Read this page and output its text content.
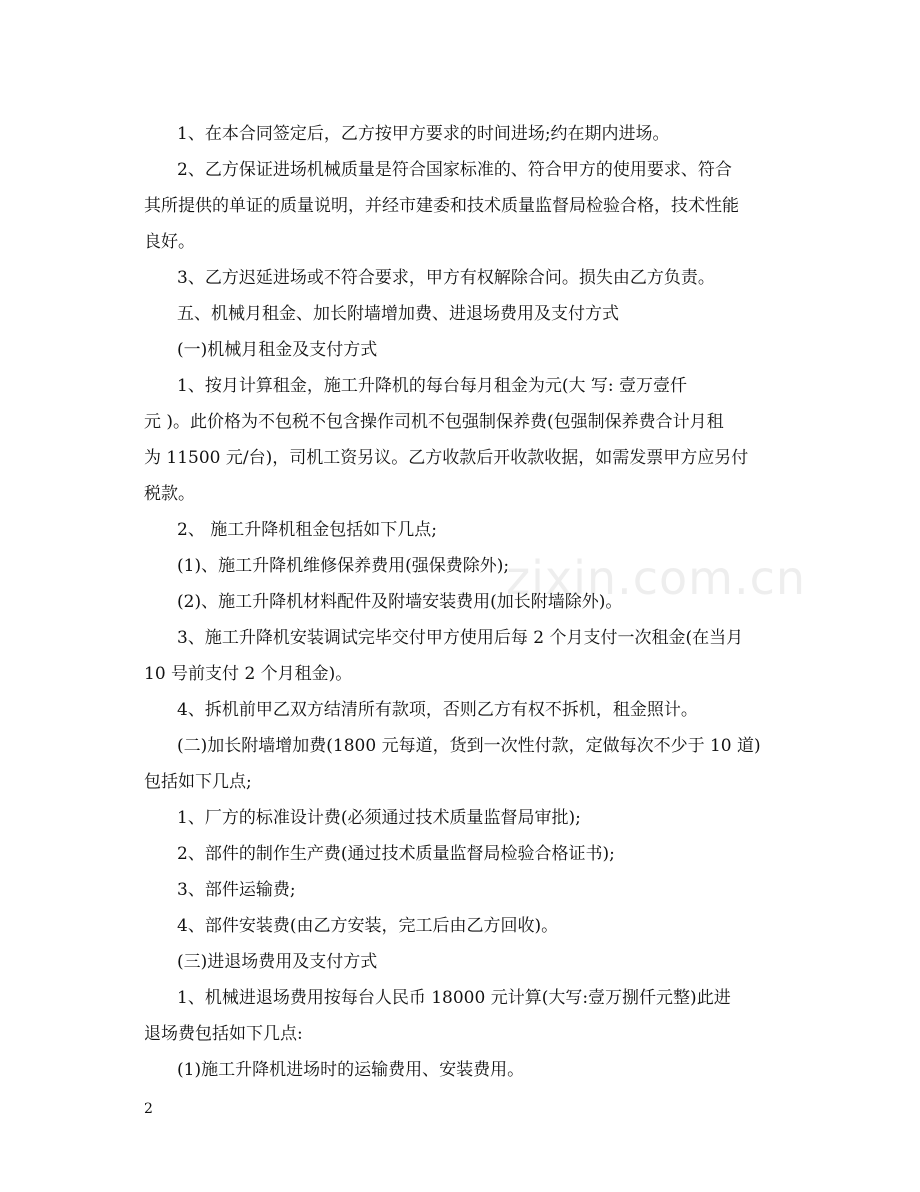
zixin.com.cn
1、在本合同签定后，乙方按甲方要求的时间进场;约在期内进场。
2、乙方保证进场机械质量是符合国家标准的、符合甲方的使用要求、符合
其所提供的单证的质量说明，并经市建委和技术质量监督局检验合格，技术性能
良好。
3、乙方迟延进场或不符合要求，甲方有权解除合问。损失由乙方负责。
五、机械月租金、加长附墙增加费、进退场费用及支付方式
(一)机械月租金及支付方式
1、按月计算租金，施工升降机的每台每月租金为元(大 写: 壹万壹仟
元 )。此价格为不包税不包含操作司机不包强制保养费(包强制保养费合计月租
为 11500 元/台)，司机工资另议。乙方收款后开收款收据，如需发票甲方应另付
税款。
2、 施工升降机租金包括如下几点;
(1)、施工升降机维修保养费用(强保费除外);
(2)、施工升降机材料配件及附墙安装费用(加长附墙除外)。
3、施工升降机安装调试完毕交付甲方使用后每 2 个月支付一次租金(在当月
10 号前支付 2 个月租金)。
4、拆机前甲乙双方结清所有款项，否则乙方有权不拆机，租金照计。
(二)加长附墙增加费(1800 元每道，货到一次性付款，定做每次不少于 10 道)
包括如下几点;
1、厂方的标准设计费(必须通过技术质量监督局审批);
2、部件的制作生产费(通过技术质量监督局检验合格证书);
3、部件运输费;
4、部件安装费(由乙方安装，完工后由乙方回收)。
(三)进退场费用及支付方式
1、机械进退场费用按每台人民币 18000 元计算(大写:壹万捌仟元整)此进
退场费包括如下几点:
(1)施工升降机进场时的运输费用、安装费用。
2
